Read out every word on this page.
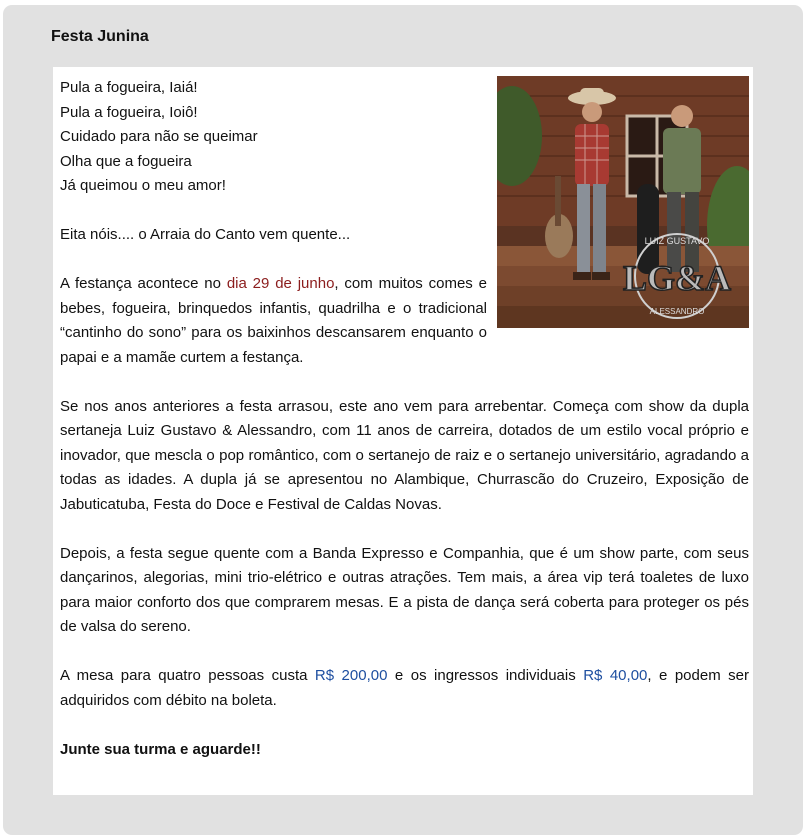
Festa Junina
LG&A
LUIZ GUSTAVO
ALESSANDRO

Pula a fogueira, Iaiá!
Pula a fogueira, Ioiô!
Cuidado para não se queimar
Olha que a fogueira
Já queimou o meu amor!

Eita nóis.... o Arraia do Canto vem quente...

A festança acontece no dia 29 de junho, com muitos comes e bebes, fogueira, brinquedos infantis, quadrilha e o tradicional “cantinho do sono” para os baixinhos descansarem enquanto o papai e a mamãe curtem a festança.

Se nos anos anteriores a festa arrasou, este ano vem para arrebentar. Começa com show da dupla sertaneja Luiz Gustavo & Alessandro, com 11 anos de carreira, dotados de um estilo vocal próprio e inovador, que mescla o pop romântico, com o sertanejo de raiz e o sertanejo universitário, agradando a todas as idades. A dupla já se apresentou no Alambique, Churrascão do Cruzeiro, Exposição de Jabuticatuba, Festa do Doce e Festival de Caldas Novas.

Depois, a festa segue quente com a Banda Expresso e Companhia, que é um show parte, com seus dançarinos, alegorias, mini trio-elétrico e outras atrações. Tem mais, a área vip terá toaletes de luxo para maior conforto dos que comprarem mesas. E a pista de dança será coberta para proteger os pés de valsa do sereno.

A mesa para quatro pessoas custa R$ 200,00 e os ingressos individuais R$ 40,00, e podem ser adquiridos com débito na boleta.

Junte sua turma e aguarde!!
